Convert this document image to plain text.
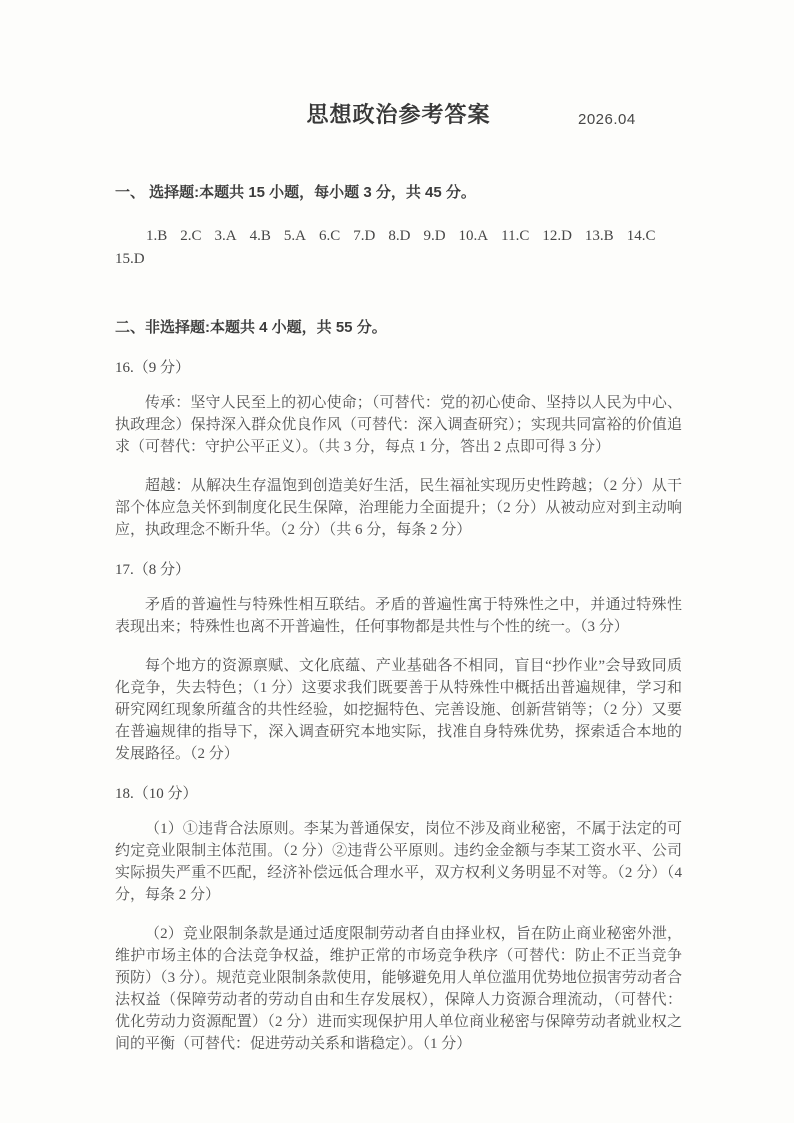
思想政治参考答案	2026.04
一、 选择题:本题共 15 小题，每小题 3 分，共 45 分。
1.B 2.C 3.A 4.B 5.A 6.C 7.D 8.D 9.D 10.A 11.C 12.D 13.B 14.C
15.D
二、非选择题:本题共 4 小题，共 55 分。
16.（9 分）

传承：坚守人民至上的初心使命；（可替代：党的初心使命、坚持以人民为中心、执政理念）保持深入群众优良作风（可替代：深入调查研究）；实现共同富裕的价值追求（可替代：守护公平正义）。（共 3 分，每点 1 分，答出 2 点即可得 3 分）

超越：从解决生存温饱到创造美好生活，民生福祉实现历史性跨越；（2 分）从干部个体应急关怀到制度化民生保障，治理能力全面提升；（2 分）从被动应对到主动响应，执政理念不断升华。（2 分）（共 6 分，每条 2 分）

17.（8 分）

矛盾的普遍性与特殊性相互联结。矛盾的普遍性寓于特殊性之中，并通过特殊性表现出来；特殊性也离不开普遍性，任何事物都是共性与个性的统一。（3 分）

每个地方的资源禀赋、文化底蕴、产业基础各不相同，盲目“抄作业”会导致同质化竞争，失去特色；（1 分）这要求我们既要善于从特殊性中概括出普遍规律，学习和研究网红现象所蕴含的共性经验，如挖掘特色、完善设施、创新营销等；（2 分）又要在普遍规律的指导下，深入调查研究本地实际，找准自身特殊优势，探索适合本地的发展路径。（2 分）

18.（10 分）

（1）①违背合法原则。李某为普通保安，岗位不涉及商业秘密，不属于法定的可约定竞业限制主体范围。（2 分）②违背公平原则。违约金金额与李某工资水平、公司实际损失严重不匹配，经济补偿远低合理水平，双方权利义务明显不对等。（2 分）（4 分，每条 2 分）

（2）竞业限制条款是通过适度限制劳动者自由择业权，旨在防止商业秘密外泄，维护市场主体的合法竞争权益，维护正常的市场竞争秩序（可替代：防止不正当竞争预防）（3 分）。规范竞业限制条款使用，能够避免用人单位滥用优势地位损害劳动者合法权益（保障劳动者的劳动自由和生存发展权），保障人力资源合理流动，（可替代：优化劳动力资源配置）（2 分）进而实现保护用人单位商业秘密与保障劳动者就业权之间的平衡（可替代：促进劳动关系和谐稳定）。（1 分）
